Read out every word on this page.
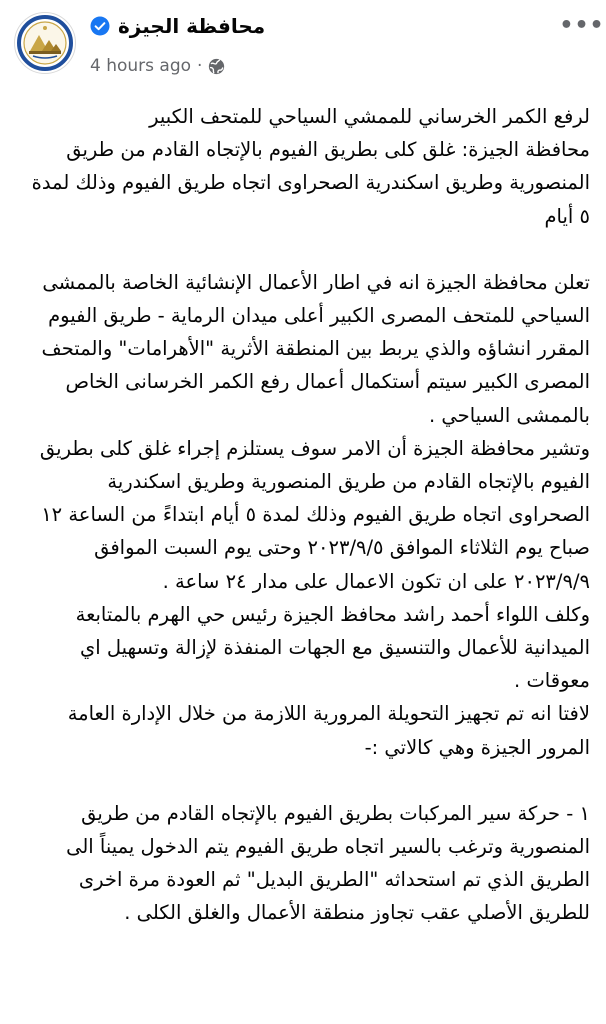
محافظة الجيزة
4 hours ago ·
•••

لرفع الكمر الخرساني للممشي السياحي للمتحف الكبير
محافظة الجيزة: غلق كلى بطريق الفيوم بالإتجاه القادم من طريق المنصورية وطريق اسكندرية الصحراوى اتجاه طريق الفيوم وذلك لمدة ٥ أيام

تعلن محافظة الجيزة انه في اطار الأعمال الإنشائية الخاصة بالممشى السياحي للمتحف المصرى الكبير أعلى ميدان الرماية - طريق الفيوم المقرر انشاؤه والذي يربط بين المنطقة الأثرية "الأهرامات" والمتحف المصرى الكبير سيتم أستكمال أعمال رفع الكمر الخرسانى الخاص بالممشى السياحي .

وتشير محافظة الجيزة أن الامر سوف يستلزم إجراء غلق كلى بطريق الفيوم بالإتجاه القادم من طريق المنصورية وطريق اسكندرية الصحراوى اتجاه طريق الفيوم وذلك لمدة ٥ أيام ابتداءً من الساعة ١٢ صباح يوم الثلاثاء الموافق ٢٠٢٣/٩/٥ وحتى يوم السبت الموافق ٢٠٢٣/٩/٩ على ان تكون الاعمال على مدار ٢٤ ساعة .

وكلف اللواء أحمد راشد محافظ الجيزة رئيس حي الهرم بالمتابعة الميدانية للأعمال والتنسيق مع الجهات المنفذة لإزالة وتسهيل اي معوقات .

لافتا انه تم تجهيز التحويلة المرورية اللازمة من خلال الإدارة العامة المرور الجيزة وهي كالاتي :-

١ - حركة سير المركبات بطريق الفيوم بالإتجاه القادم من طريق المنصورية وترغب بالسير اتجاه طريق الفيوم يتم الدخول يميناً الى الطريق الذي تم استحداثه "الطريق البديل" ثم العودة مرة اخرى للطريق الأصلي عقب تجاوز منطقة الأعمال والغلق الكلى .
